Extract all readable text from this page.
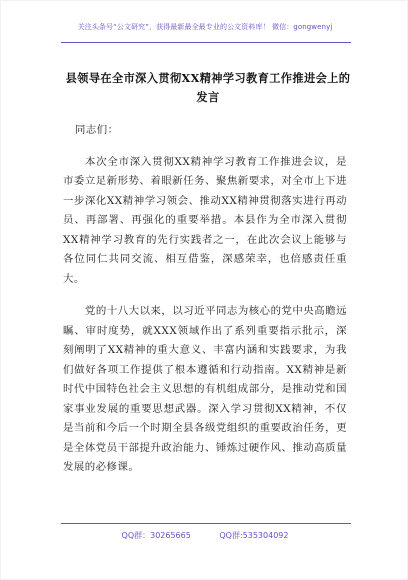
关注头条号“公文研究”，获得最新最全最专业的公文资料库！ 微信：gongwenyj
县领导在全市深入贯彻XX精神学习教育工作推进会上的发言

同志们：

本次全市深入贯彻XX精神学习教育工作推进会议，是市委立足新形势、着眼新任务、聚焦新要求，对全市上下进一步深化XX精神学习领会、推动XX精神贯彻落实进行再动员、再部署、再强化的重要举措。本县作为全市深入贯彻XX精神学习教育的先行实践者之一，在此次会议上能够与各位同仁共同交流、相互借鉴，深感荣幸，也倍感责任重大。

党的十八大以来，以习近平同志为核心的党中央高瞻远瞩、审时度势，就XXX领域作出了系列重要指示批示，深刻阐明了XX精神的重大意义、丰富内涵和实践要求，为我们做好各项工作提供了根本遵循和行动指南。XX精神是新时代中国特色社会主义思想的有机组成部分，是推动党和国家事业发展的重要思想武器。深入学习贯彻XX精神，不仅是当前和今后一个时期全县各级党组织的重要政治任务，更是全体党员干部提升政治能力、锤炼过硬作风、推动高质量发展的必修课。

QQ群：30265665	QQ群:535304092
